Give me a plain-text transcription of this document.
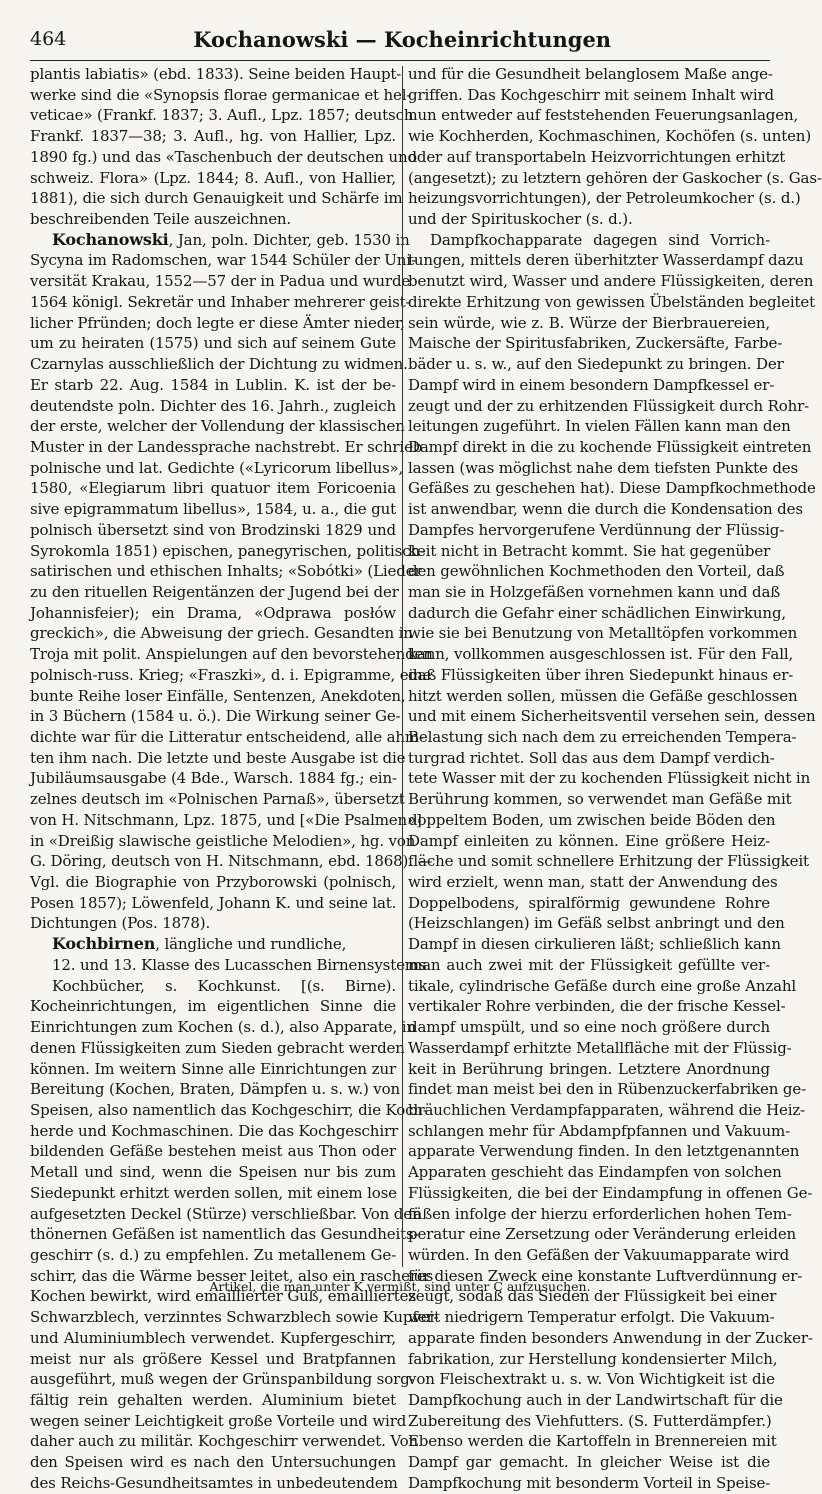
464	Kochanowski — Kocheinrichtungen
plantis labiatis» (ebd. 1833). Seine beiden Haupt-
werke sind die «Synopsis florae germanicae et hel-
veticae» (Frankf. 1837; 3. Aufl., Lpz. 1857; deutsch
Frankf. 1837—38; 3. Aufl., hg. von Hallier, Lpz.
1890 fg.) und das «Taschenbuch der deutschen und
schweiz. Flora» (Lpz. 1844; 8. Aufl., von Hallier,
1881), die sich durch Genauigkeit und Schärfe im
beschreibenden Teile auszeichnen.
Kochanowski, Jan, poln. Dichter, geb. 1530 in
Sycyna im Radomschen, war 1544 Schüler der Uni-
versität Krakau, 1552—57 der in Padua und wurde
1564 königl. Sekretär und Inhaber mehrerer geist-
licher Pfründen; doch legte er diese Ämter nieder,
um zu heiraten (1575) und sich auf seinem Gute
Czarnylas ausschließlich der Dichtung zu widmen.
Er starb 22. Aug. 1584 in Lublin. K. ist der be-
deutendste poln. Dichter des 16. Jahrh., zugleich
der erste, welcher der Vollendung der klassischen
Muster in der Landessprache nachstrebt. Er schrieb
polnische und lat. Gedichte («Lyricorum libellus»,
1580, «Elegiarum libri quatuor item Foricoenia
sive epigrammatum libellus», 1584, u. a., die gut
polnisch übersetzt sind von Brodzinski 1829 und
Syrokomla 1851) epischen, panegyrischen, politisch-
satirischen und ethischen Inhalts; «Sobótki» (Lieder
zu den rituellen Reigentänzen der Jugend bei der
Johannisfeier); ein Drama, «Odprawa posłów
greckich», die Abweisung der griech. Gesandten in
Troja mit polit. Anspielungen auf den bevorstehenden
polnisch-russ. Krieg; «Fraszki», d. i. Epigramme, eine
bunte Reihe loser Einfälle, Sentenzen, Anekdoten,
in 3 Büchern (1584 u. ö.). Die Wirkung seiner Ge-
dichte war für die Litteratur entscheidend, alle ahm-
ten ihm nach. Die letzte und beste Ausgabe ist die
Jubiläumsausgabe (4 Bde., Warsch. 1884 fg.; ein-
zelnes deutsch im «Polnischen Parnaß», übersetzt
von H. Nitschmann, Lpz. 1875, und [«Die Psalmen»]
in «Dreißig slawische geistliche Melodien», hg. von
G. Döring, deutsch von H. Nitschmann, ebd. 1868). —
Vgl. die Biographie von Przyborowski (polnisch,
Posen 1857); Löwenfeld, Johann K. und seine lat.
Dichtungen (Pos. 1878).
Kochbirnen, längliche und rundliche,
12. und 13. Klasse des Lucasschen Birnensystems
Kochbücher, s. Kochkunst. [(s. Birne).
Kocheinrichtungen, im eigentlichen Sinne die
Einrichtungen zum Kochen (s. d.), also Apparate, in
denen Flüssigkeiten zum Sieden gebracht werden
können. Im weitern Sinne alle Einrichtungen zur
Bereitung (Kochen, Braten, Dämpfen u. s. w.) von
Speisen, also namentlich das Kochgeschirr, die Koch-
herde und Kochmaschinen. Die das Kochgeschirr
bildenden Gefäße bestehen meist aus Thon oder
Metall und sind, wenn die Speisen nur bis zum
Siedepunkt erhitzt werden sollen, mit einem lose
aufgesetzten Deckel (Stürze) verschließbar. Von den
thönernen Gefäßen ist namentlich das Gesundheits-
geschirr (s. d.) zu empfehlen. Zu metallenem Ge-
schirr, das die Wärme besser leitet, also ein rascheres
Kochen bewirkt, wird emaillierter Guß, emailliertes
Schwarzblech, verzinntes Schwarzblech sowie Kupfer-
und Aluminiumblech verwendet. Kupfergeschirr,
meist nur als größere Kessel und Bratpfannen
ausgeführt, muß wegen der Grünspanbildung sorg-
fältig rein gehalten werden. Aluminium bietet
wegen seiner Leichtigkeit große Vorteile und wird
daher auch zu militär. Kochgeschirr verwendet. Von
den Speisen wird es nach den Untersuchungen
des Reichs-Gesundheitsamtes in unbedeutendem
und für die Gesundheit belanglosem Maße ange-
griffen. Das Kochgeschirr mit seinem Inhalt wird
nun entweder auf feststehenden Feuerungsanlagen,
wie Kochherden, Kochmaschinen, Kochöfen (s. unten)
oder auf transportabeln Heizvorrichtungen erhitzt
(angesetzt); zu letztern gehören der Gaskocher (s. Gas-
heizungsvorrichtungen), der Petroleumkocher (s. d.)
und der Spirituskocher (s. d.).
Dampfkochapparate dagegen sind Vorrich-
tungen, mittels deren überhitzter Wasserdampf dazu
benutzt wird, Wasser und andere Flüssigkeiten, deren
direkte Erhitzung von gewissen Übelständen begleitet
sein würde, wie z. B. Würze der Bierbrauereien,
Maische der Spiritusfabriken, Zuckersäfte, Farbe-
bäder u. s. w., auf den Siedepunkt zu bringen. Der
Dampf wird in einem besondern Dampfkessel er-
zeugt und der zu erhitzenden Flüssigkeit durch Rohr-
leitungen zugeführt. In vielen Fällen kann man den
Dampf direkt in die zu kochende Flüssigkeit eintreten
lassen (was möglichst nahe dem tiefsten Punkte des
Gefäßes zu geschehen hat). Diese Dampfkochmethode
ist anwendbar, wenn die durch die Kondensation des
Dampfes hervorgerufene Verdünnung der Flüssig-
keit nicht in Betracht kommt. Sie hat gegenüber
den gewöhnlichen Kochmethoden den Vorteil, daß
man sie in Holzgefäßen vornehmen kann und daß
dadurch die Gefahr einer schädlichen Einwirkung,
wie sie bei Benutzung von Metalltöpfen vorkommen
kann, vollkommen ausgeschlossen ist. Für den Fall,
daß Flüssigkeiten über ihren Siedepunkt hinaus er-
hitzt werden sollen, müssen die Gefäße geschlossen
und mit einem Sicherheitsventil versehen sein, dessen
Belastung sich nach dem zu erreichenden Tempera-
turgrad richtet. Soll das aus dem Dampf verdich-
tete Wasser mit der zu kochenden Flüssigkeit nicht in
Berührung kommen, so verwendet man Gefäße mit
doppeltem Boden, um zwischen beide Böden den
Dampf einleiten zu können. Eine größere Heiz-
fläche und somit schnellere Erhitzung der Flüssigkeit
wird erzielt, wenn man, statt der Anwendung des
Doppelbodens, spiralförmig gewundene Rohre
(Heizschlangen) im Gefäß selbst anbringt und den
Dampf in diesen cirkulieren läßt; schließlich kann
man auch zwei mit der Flüssigkeit gefüllte ver-
tikale, cylindrische Gefäße durch eine große Anzahl
vertikaler Rohre verbinden, die der frische Kessel-
dampf umspült, und so eine noch größere durch
Wasserdampf erhitzte Metallfläche mit der Flüssig-
keit in Berührung bringen. Letztere Anordnung
findet man meist bei den in Rübenzuckerfabriken ge-
bräuchlichen Verdampfapparaten, während die Heiz-
schlangen mehr für Abdampfpfannen und Vakuum-
apparate Verwendung finden. In den letztgenannten
Apparaten geschieht das Eindampfen von solchen
Flüssigkeiten, die bei der Eindampfung in offenen Ge-
fäßen infolge der hierzu erforderlichen hohen Tem-
peratur eine Zersetzung oder Veränderung erleiden
würden. In den Gefäßen der Vakuumapparate wird
für diesen Zweck eine konstante Luftverdünnung er-
zeugt, sodaß das Sieden der Flüssigkeit bei einer
weit niedrigern Temperatur erfolgt. Die Vakuum-
apparate finden besonders Anwendung in der Zucker-
fabrikation, zur Herstellung kondensierter Milch,
von Fleischextrakt u. s. w. Von Wichtigkeit ist die
Dampfkochung auch in der Landwirtschaft für die
Zubereitung des Viehfutters. (S. Futterdämpfer.)
Ebenso werden die Kartoffeln in Brennereien mit
Dampf gar gemacht. In gleicher Weise ist die
Dampfkochung mit besonderm Vorteil in Speise-
Artikel, die man unter K vermißt, sind unter C aufzusuchen.
